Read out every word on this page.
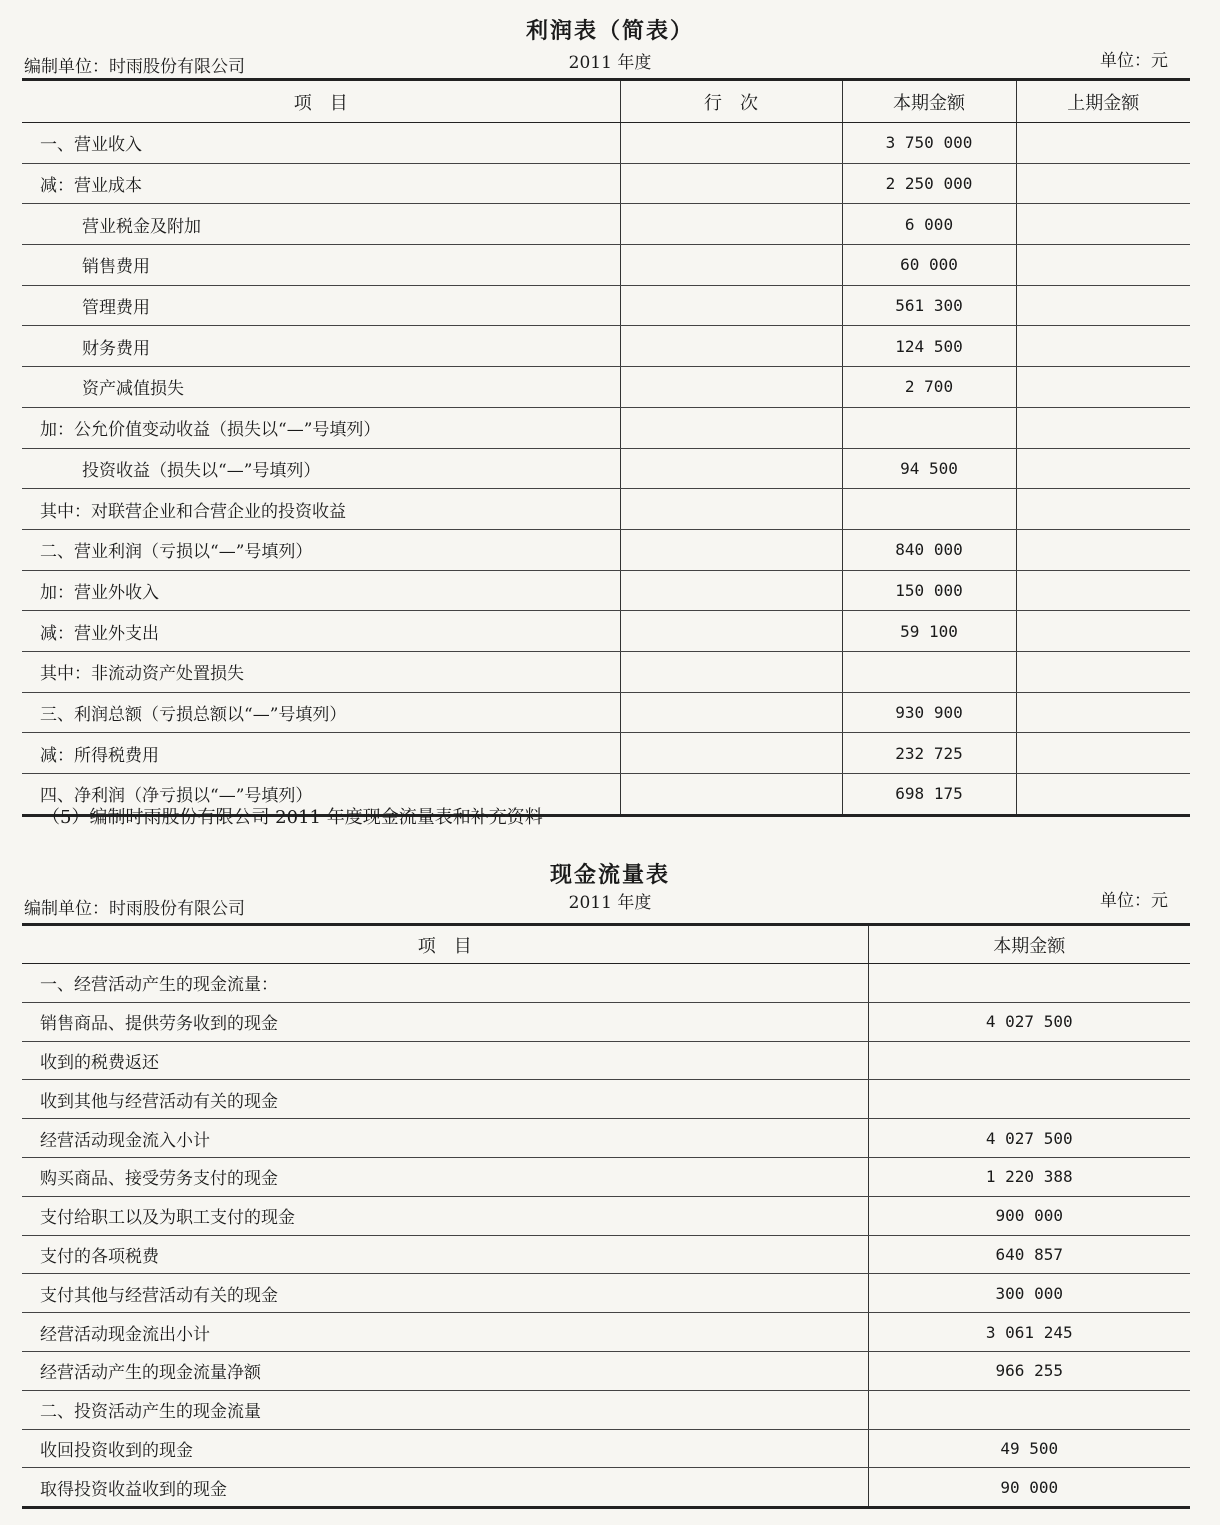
利润表（简表）
编制单位：时雨股份有限公司	2011 年度	单位：元
项　目	行　次	本期金额	上期金额
一、营业收入		3 750 000	
减：营业成本		2 250 000	
营业税金及附加		6 000	
销售费用		60 000	
管理费用		561 300	
财务费用		124 500	
资产减值损失		2 700	
加：公允价值变动收益（损失以“—”号填列）			
投资收益（损失以“—”号填列）		94 500	
其中：对联营企业和合营企业的投资收益			
二、营业利润（亏损以“—”号填列）		840 000	
加：营业外收入		150 000	
减：营业外支出		59 100	
其中：非流动资产处置损失			
三、利润总额（亏损总额以“—”号填列）		930 900	
减：所得税费用		232 725	
四、净利润（净亏损以“—”号填列）		698 175	
（5）编制时雨股份有限公司 2011 年度现金流量表和补充资料
现金流量表
编制单位：时雨股份有限公司	2011 年度	单位：元
项　目	本期金额
一、经营活动产生的现金流量：	
销售商品、提供劳务收到的现金	4 027 500
收到的税费返还	
收到其他与经营活动有关的现金	
经营活动现金流入小计	4 027 500
购买商品、接受劳务支付的现金	1 220 388
支付给职工以及为职工支付的现金	900 000
支付的各项税费	640 857
支付其他与经营活动有关的现金	300 000
经营活动现金流出小计	3 061 245
经营活动产生的现金流量净额	966 255
二、投资活动产生的现金流量	
收回投资收到的现金	49 500
取得投资收益收到的现金	90 000
